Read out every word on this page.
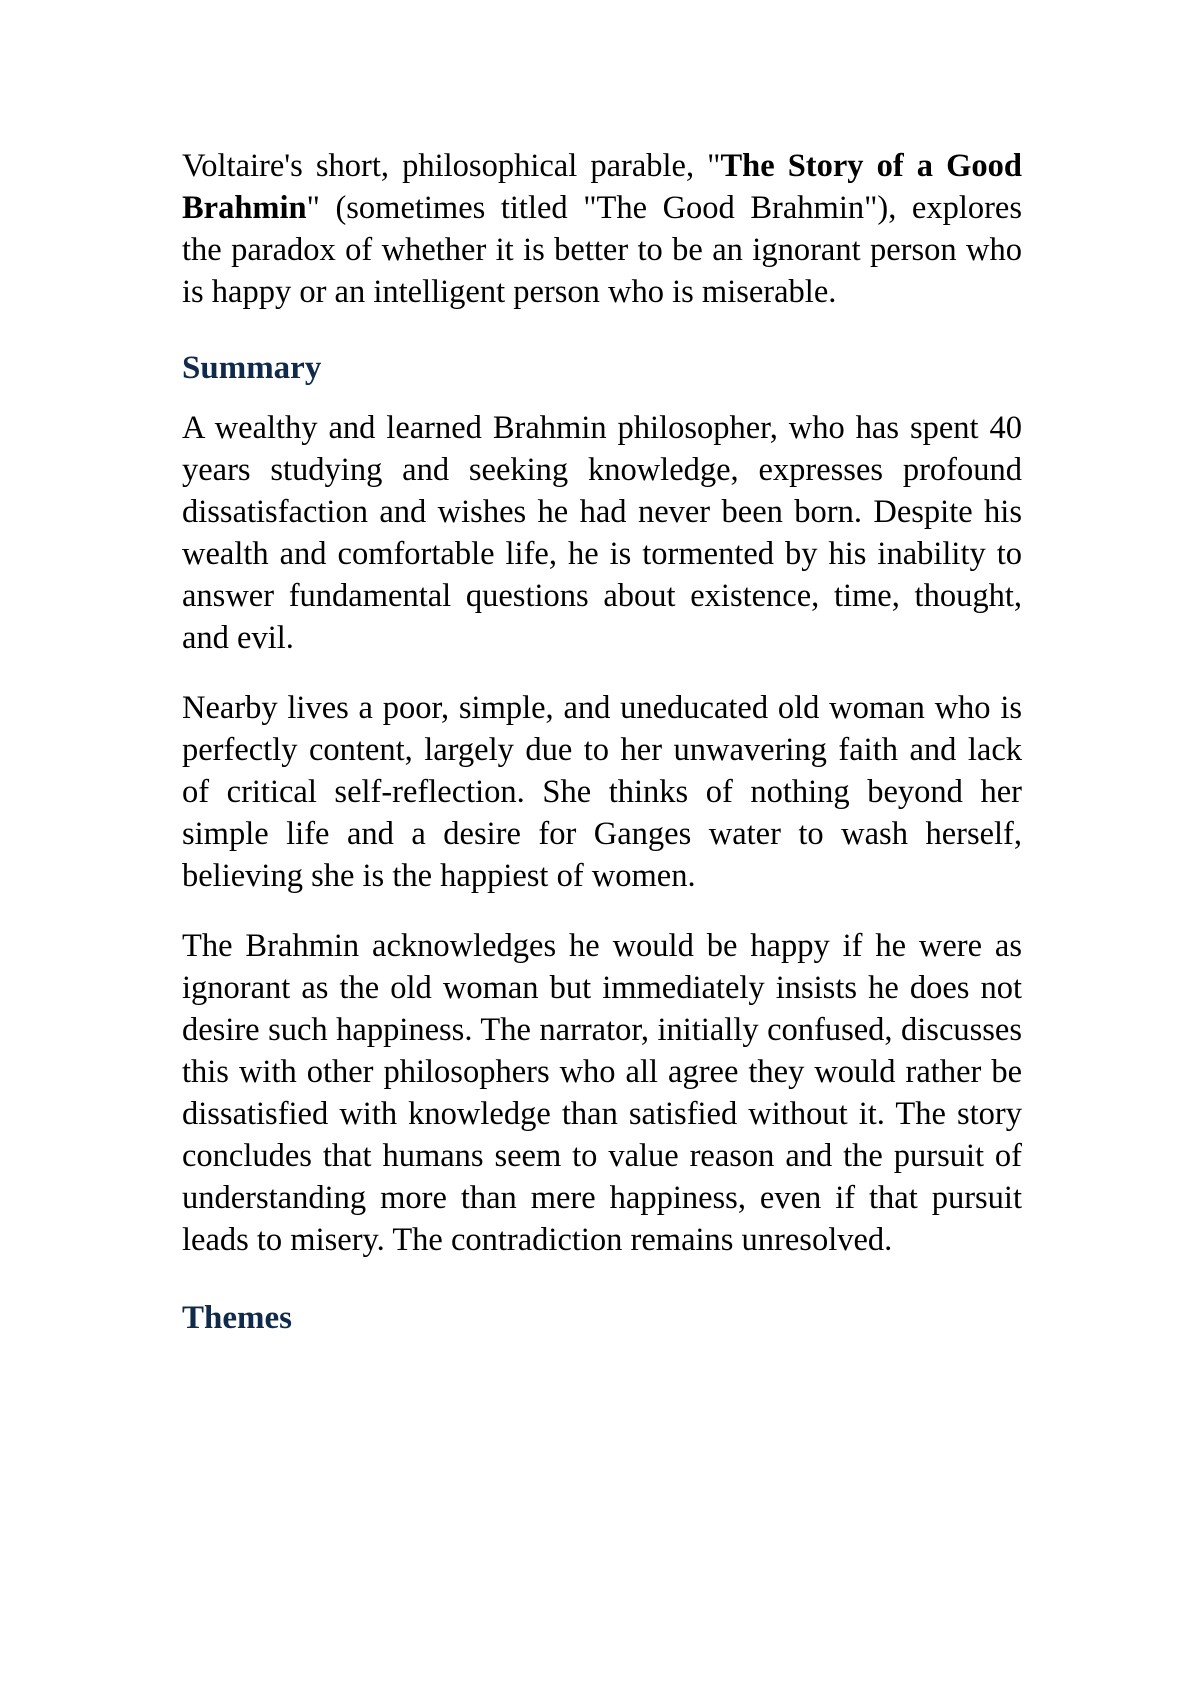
Voltaire's short, philosophical parable, "The Story of a Good Brahmin" (sometimes titled "The Good Brahmin"), explores the paradox of whether it is better to be an ignorant person who is happy or an intelligent person who is miserable.

Summary

A wealthy and learned Brahmin philosopher, who has spent 40 years studying and seeking knowledge, expresses profound dissatisfaction and wishes he had never been born. Despite his wealth and comfortable life, he is tormented by his inability to answer fundamental questions about existence, time, thought, and evil.

Nearby lives a poor, simple, and uneducated old woman who is perfectly content, largely due to her unwavering faith and lack of critical self-reflection. She thinks of nothing beyond her simple life and a desire for Ganges water to wash herself, believing she is the happiest of women.

The Brahmin acknowledges he would be happy if he were as ignorant as the old woman but immediately insists he does not desire such happiness. The narrator, initially confused, discusses this with other philosophers who all agree they would rather be dissatisfied with knowledge than satisfied without it. The story concludes that humans seem to value reason and the pursuit of understanding more than mere happiness, even if that pursuit leads to misery. The contradiction remains unresolved.

Themes
